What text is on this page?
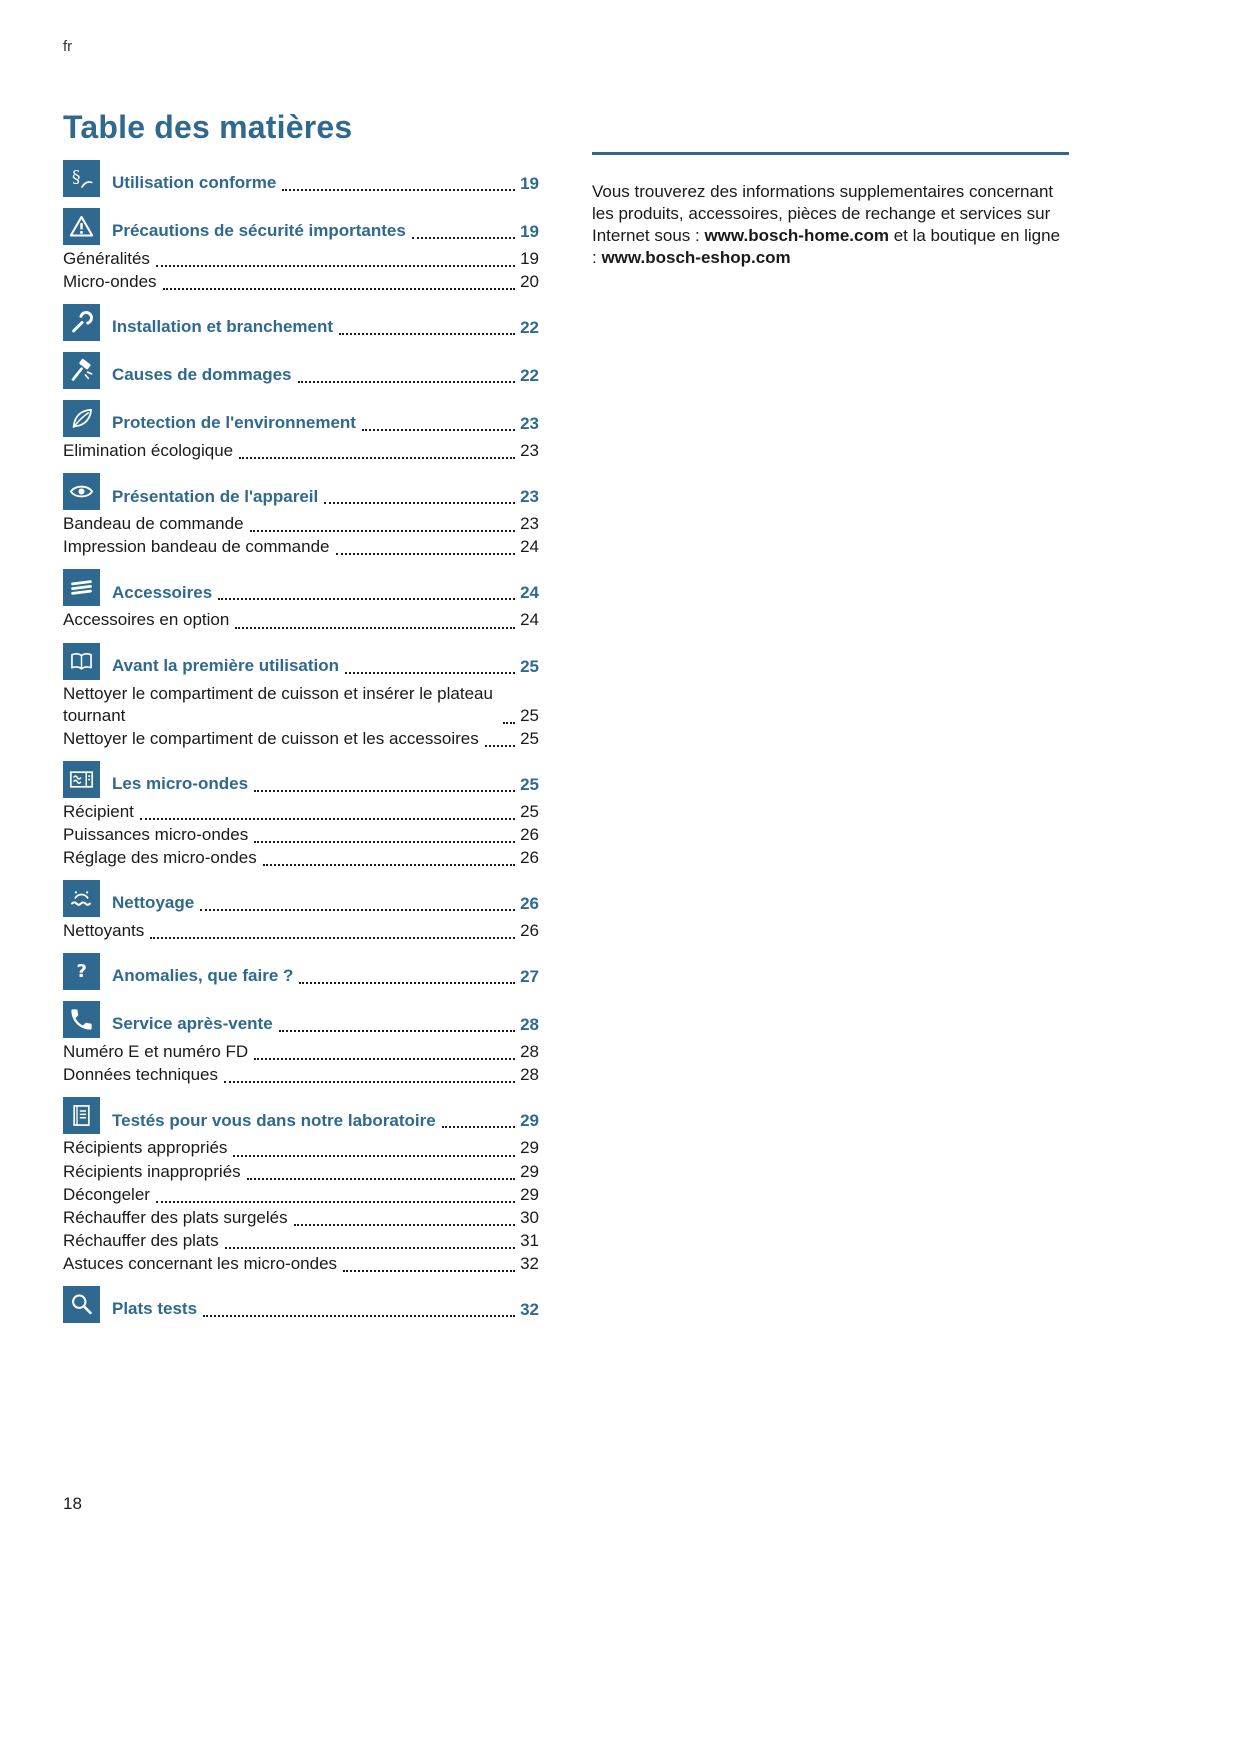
fr
Table des matières
§ Utilisation conforme	19
Précautions de sécurité importantes	19
Généralités	19
Micro-ondes	20
Installation et branchement	22
Causes de dommages	22
Protection de l'environnement	23
Elimination écologique	23
Présentation de l'appareil	23
Bandeau de commande	23
Impression bandeau de commande	24
Accessoires	24
Accessoires en option	24
Avant la première utilisation	25
Nettoyer le compartiment de cuisson et insérer le plateau tournant	25
Nettoyer le compartiment de cuisson et les accessoires 25
Les micro-ondes	25
Récipient	25
Puissances micro-ondes	26
Réglage des micro-ondes	26
Nettoyage	26
Nettoyants	26
? Anomalies, que faire ?	27
Service après-vente	28
Numéro E et numéro FD	28
Données techniques	28
Testés pour vous dans notre laboratoire	29
Récipients appropriés	29
Récipients inappropriés	29
Décongeler	29
Réchauffer des plats surgelés	30
Réchauffer des plats	31
Astuces concernant les micro-ondes	32
Plats tests	32

Vous trouverez des informations supplementaires concernant les produits, accessoires, pièces de rechange et services sur Internet sous : www.bosch-home.com et la boutique en ligne : www.bosch-eshop.com

18
